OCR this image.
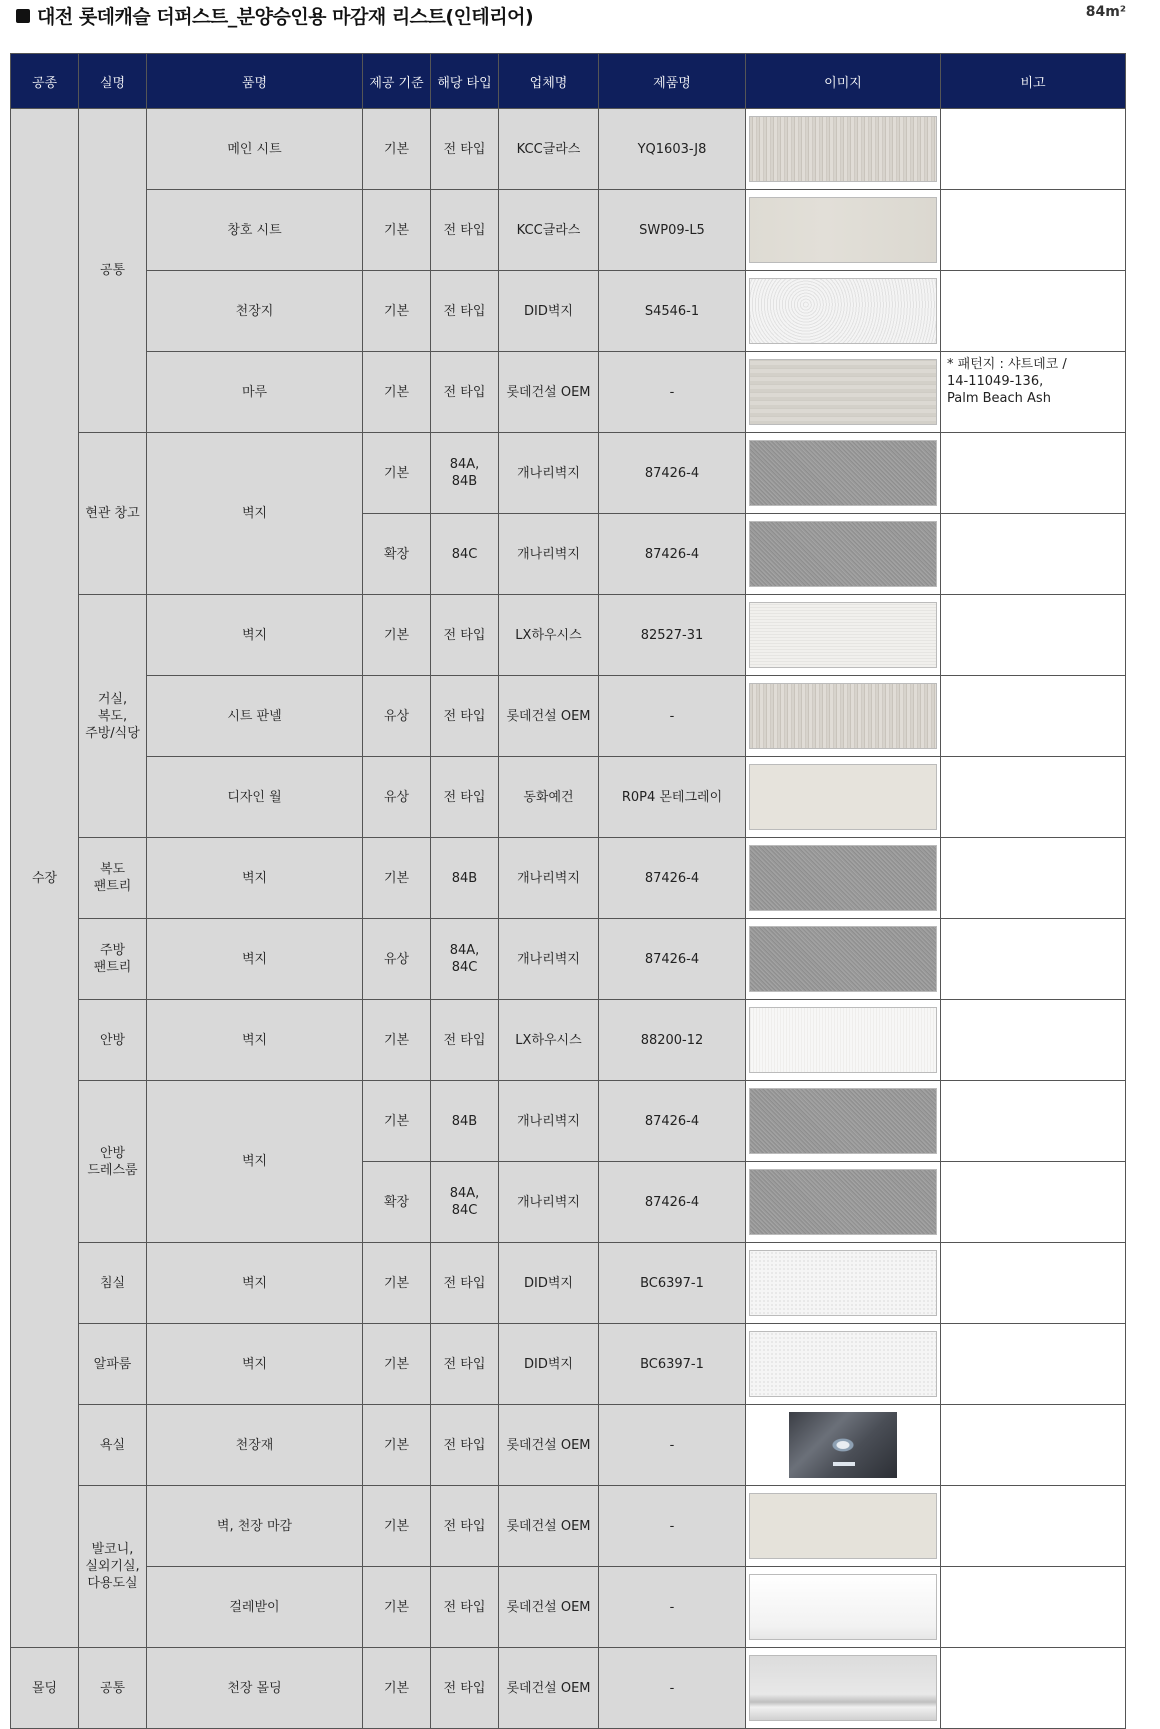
대전 롯데캐슬 더퍼스트_분양승인용 마감재 리스트(인테리어)	84m²
공종	실명	품명	제공 기준	해당 타입	업체명	제품명	이미지	비고
수장	공통	메인 시트	기본	전 타입	KCC글라스	YQ1603-J8	

		창호 시트	기본	전 타입	KCC글라스	SWP09-L5	

		천장지	기본	전 타입	DID벽지	S4546-1	

		마루	기본	전 타입	롯데건설 OEM	-		* 패턴지 : 샤트데코 /
14-11049-136,
Palm Beach Ash
	현관 창고	벽지	기본	84A, 84B	개나리벽지	87426-4	

			확장	84C	개나리벽지	87426-4	

	거실,
복도,
주방/식당	벽지	기본	전 타입	LX하우시스	82527-31	

		시트 판넬	유상	전 타입	롯데건설 OEM	-	

		디자인 월	유상	전 타입	동화예건	R0P4 몬테그레이	

	복도
팬트리	벽지	기본	84B	개나리벽지	87426-4	

	주방
팬트리	벽지	유상	84A, 84C	개나리벽지	87426-4	

	안방	벽지	기본	전 타입	LX하우시스	88200-12	

	안방
드레스룸	벽지	기본	84B	개나리벽지	87426-4	

			확장	84A, 84C	개나리벽지	87426-4	

	침실	벽지	기본	전 타입	DID벽지	BC6397-1	

	알파룸	벽지	기본	전 타입	DID벽지	BC6397-1	

	욕실	천장재	기본	전 타입	롯데건설 OEM	-	

	발코니,
실외기실,
다용도실	벽, 천장 마감	기본	전 타입	롯데건설 OEM	-	

		걸레받이	기본	전 타입	롯데건설 OEM	-	

몰딩	공통	천장 몰딩	기본	전 타입	롯데건설 OEM	-	
